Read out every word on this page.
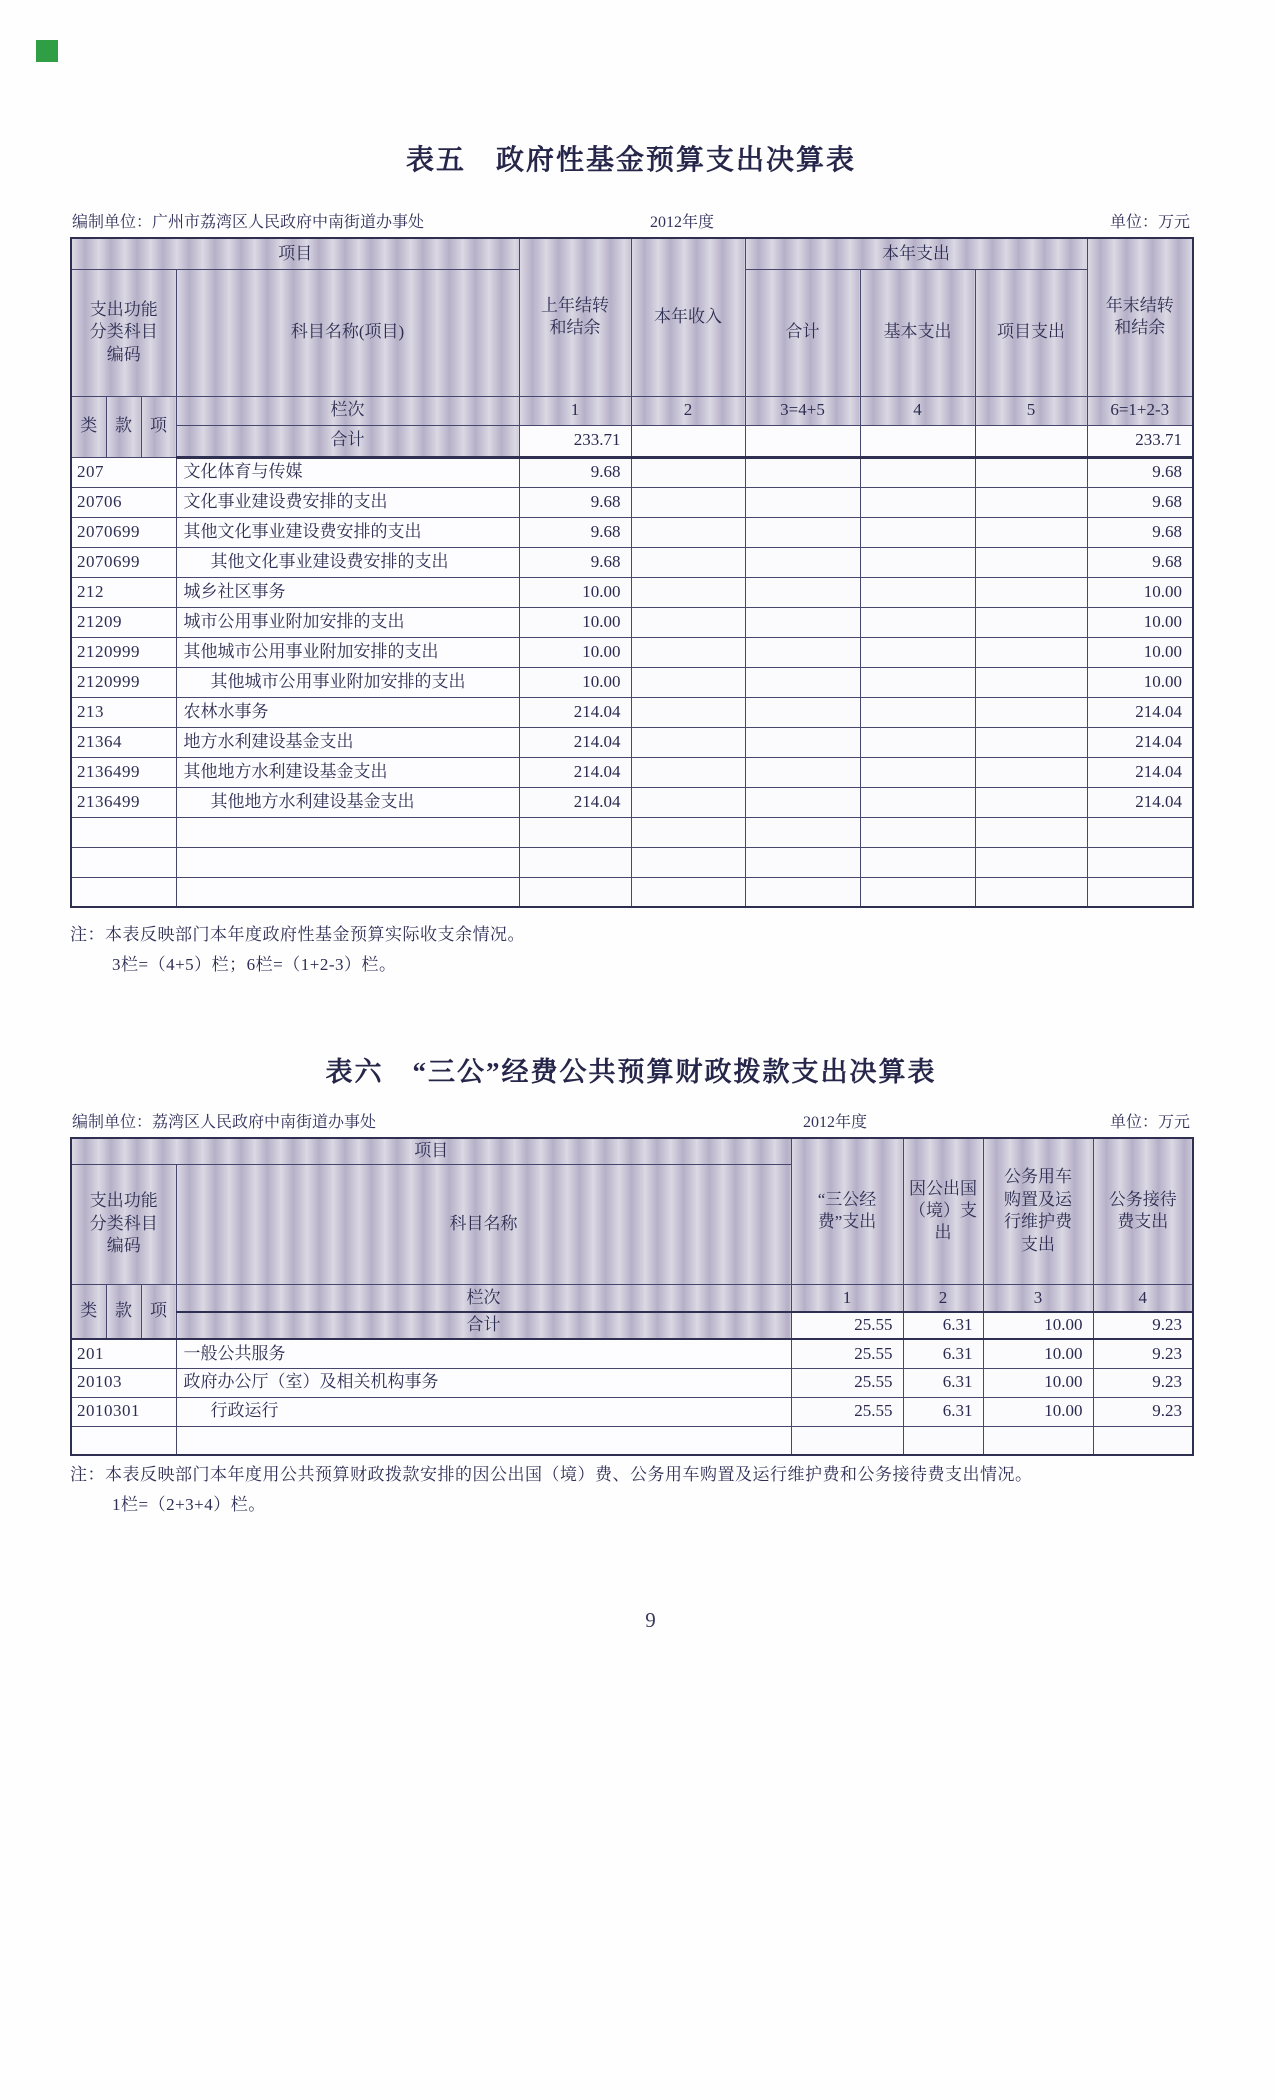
表五　政府性基金预算支出决算表
编制单位：广州市荔湾区人民政府中南街道办事处	2012年度	单位：万元
项目				上年结转和结余	本年收入	本年支出			年末结转和结余
支出功能分类科目编码			科目名称(项目)			合计	基本支出	项目支出	
类	款	项	栏次	1	2	3=4+5	4	5	6=1+2-3
			合计	233.71					233.71
207			文化体育与传媒	9.68					9.68
20706			文化事业建设费安排的支出	9.68					9.68
2070699			其他文化事业建设费安排的支出	9.68					9.68
2070699			其他文化事业建设费安排的支出	9.68					9.68
212			城乡社区事务	10.00					10.00
21209			城市公用事业附加安排的支出	10.00					10.00
2120999			其他城市公用事业附加安排的支出	10.00					10.00
2120999			其他城市公用事业附加安排的支出	10.00					10.00
213			农林水事务	214.04					214.04
21364			地方水利建设基金支出	214.04					214.04
2136499			其他地方水利建设基金支出	214.04					214.04
2136499			其他地方水利建设基金支出	214.04					214.04

注：本表反映部门本年度政府性基金预算实际收支余情况。
3栏=（4+5）栏；6栏=（1+2-3）栏。
表六　“三公”经费公共预算财政拨款支出决算表
编制单位：荔湾区人民政府中南街道办事处	2012年度	单位：万元
项目				“三公经费”支出	因公出国（境）支出	公务用车购置及运行维护费支出	公务接待费支出
支出功能分类科目编码			科目名称				
类	款	项	栏次	1	2	3	4
			合计	25.55	6.31	10.00	9.23
201			一般公共服务	25.55	6.31	10.00	9.23
20103			政府办公厅（室）及相关机构事务	25.55	6.31	10.00	9.23
2010301			行政运行	25.55	6.31	10.00	9.23

注：本表反映部门本年度用公共预算财政拨款安排的因公出国（境）费、公务用车购置及运行维护费和公务接待费支出情况。
1栏=（2+3+4）栏。
9
